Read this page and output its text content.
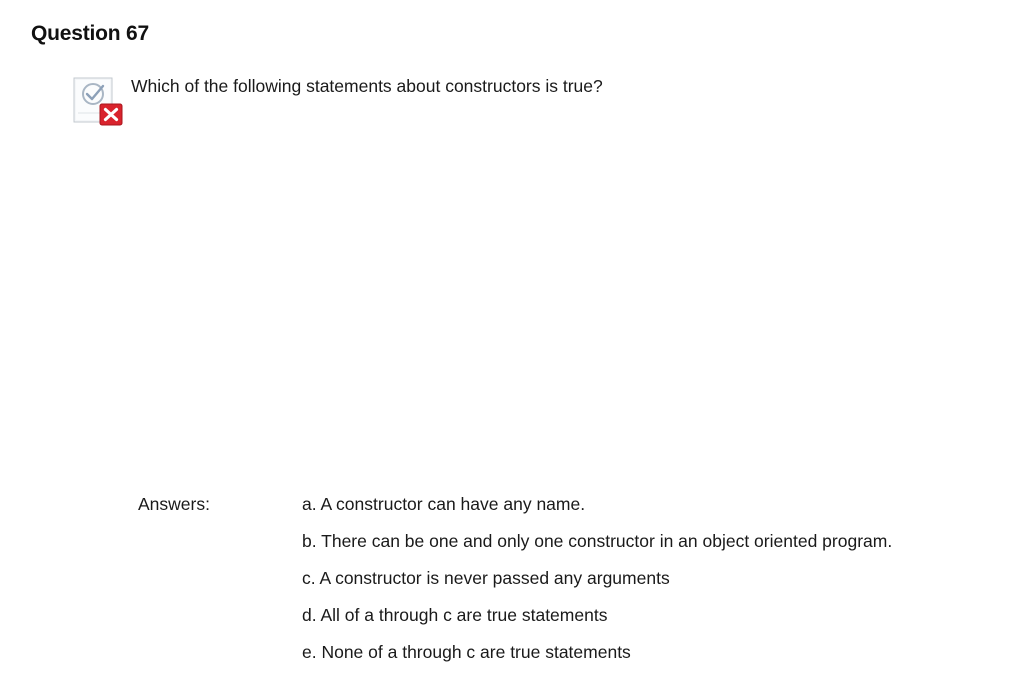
Question 67
Which of the following statements about constructors is true?
Answers:	a. A constructor can have any name.
b. There can be one and only one constructor in an object oriented program.
c. A constructor is never passed any arguments
d. All of a through c are true statements
e. None of a through c are true statements
